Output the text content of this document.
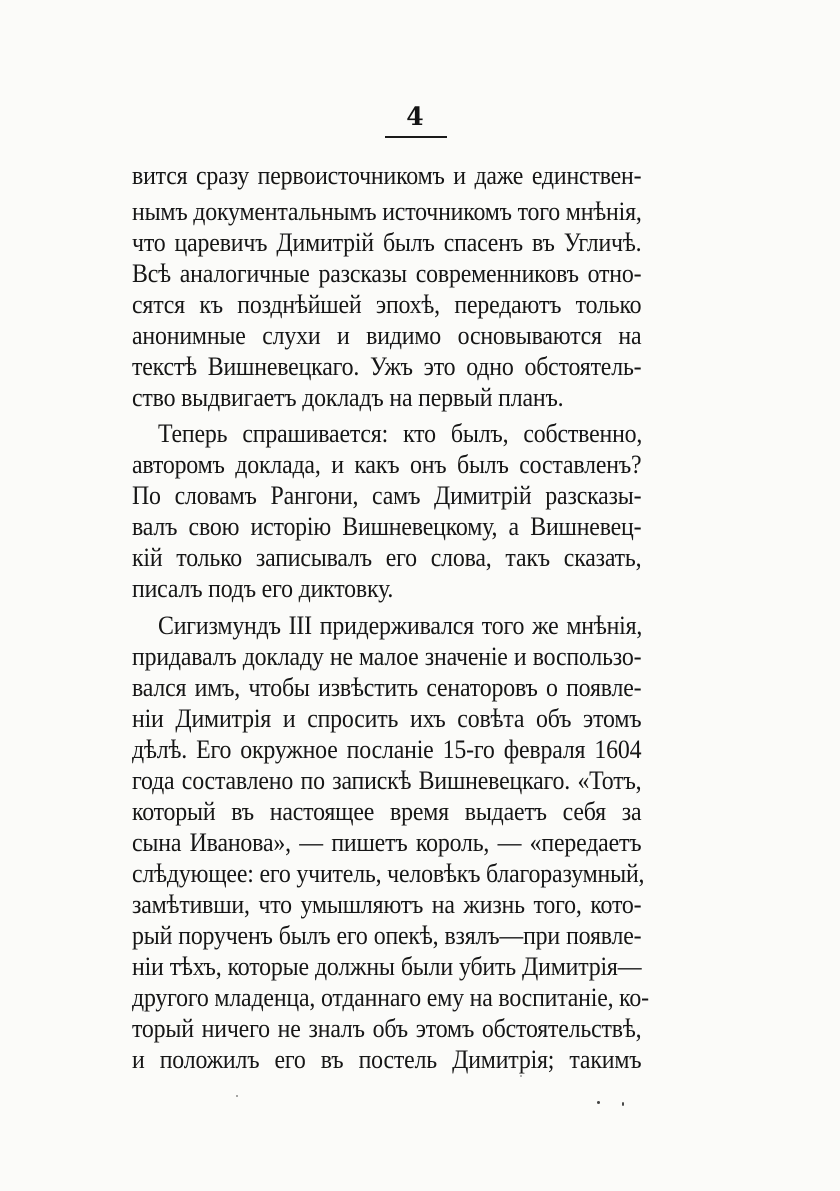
4

вится сразу первоисточникомъ и даже единствен-

нымъ документальнымъ источникомъ того мнѣнія,

что царевичъ Димитрій былъ спасенъ въ Угличѣ.

Всѣ аналогичные разсказы современниковъ отно-

сятся къ позднѣйшей эпохѣ, передаютъ только

анонимные слухи и видимо основываются на

текстѣ Вишневецкаго. Ужъ это одно обстоятель-

ство выдвигаетъ докладъ на первый планъ.

Теперь спрашивается: кто былъ, собственно,

авторомъ доклада, и какъ онъ былъ составленъ?

По словамъ Рангони, самъ Димитрій разсказы-

валъ свою исторію Вишневецкому, а Вишневец-

кій только записывалъ его слова, такъ сказать,

писалъ подъ его диктовку.

Сигизмундъ III придерживался того же мнѣнія,

придавалъ докладу не малое значеніе и воспользо-

вался имъ, чтобы извѣстить сенаторовъ о появле-

ніи Димитрія и спросить ихъ совѣта объ этомъ

дѣлѣ. Его окружное посланіе 15-го февраля 1604

года составлено по запискѣ Вишневецкаго. «Тотъ,

который въ настоящее время выдаетъ себя за

сына Иванова», — пишетъ король, — «передаетъ

слѣдующее: его учитель, человѣкъ благоразумный,

замѣтивши, что умышляютъ на жизнь того, кото-

рый порученъ былъ его опекѣ, взялъ—при появле-

ніи тѣхъ, которые должны были убить Димитрія—

другого младенца, отданнаго ему на воспитаніе, ко-

торый ничего не зналъ объ этомъ обстоятельствѣ,

и положилъ его въ постель Димитрія; такимъ
